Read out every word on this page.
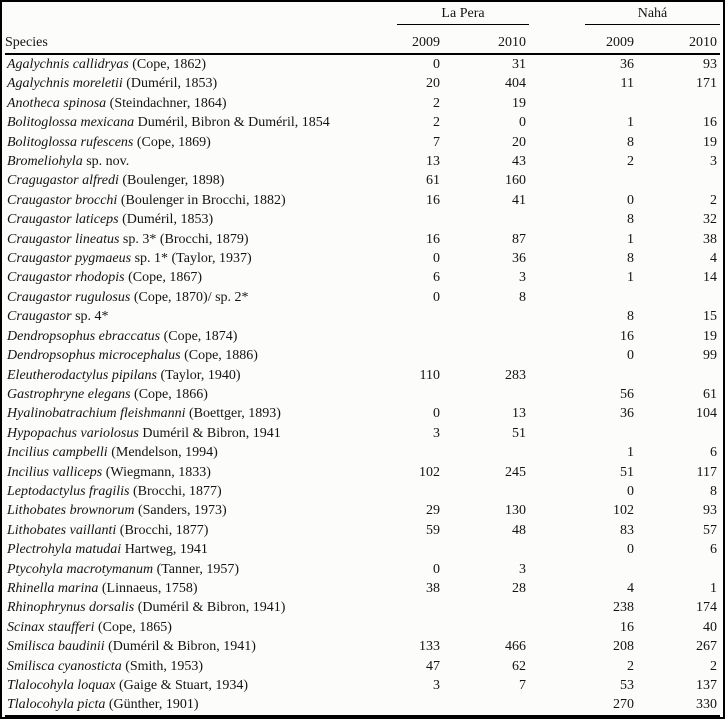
	La Pera			Nahá	
Species	2009	2010		2009	2010
Agalychnis callidryas (Cope, 1862)	0	31		36	93
Agalychnis moreletii (Duméril, 1853)	20	404		11	171
Anotheca spinosa (Steindachner, 1864)	2	19			
Bolitoglossa mexicana Duméril, Bibron & Duméril, 1854	2	0		1	16
Bolitoglossa rufescens (Cope, 1869)	7	20		8	19
Bromeliohyla sp. nov.	13	43		2	3
Cragugastor alfredi (Boulenger, 1898)	61	160			
Craugastor brocchi (Boulenger in Brocchi, 1882)	16	41		0	2
Craugastor laticeps (Duméril, 1853)				8	32
Craugastor lineatus sp. 3* (Brocchi, 1879)	16	87		1	38
Craugastor pygmaeus sp. 1* (Taylor, 1937)	0	36		8	4
Craugastor rhodopis (Cope, 1867)	6	3		1	14
Craugastor rugulosus (Cope, 1870)/ sp. 2*	0	8			
Craugastor sp. 4*				8	15
Dendropsophus ebraccatus (Cope, 1874)				16	19
Dendropsophus microcephalus (Cope, 1886)				0	99
Eleutherodactylus pipilans (Taylor, 1940)	110	283			
Gastrophryne elegans (Cope, 1866)				56	61
Hyalinobatrachium fleishmanni (Boettger, 1893)	0	13		36	104
Hypopachus variolosus Duméril & Bibron, 1941	3	51			
Incilius campbelli (Mendelson, 1994)				1	6
Incilius valliceps (Wiegmann, 1833)	102	245		51	117
Leptodactylus fragilis (Brocchi, 1877)				0	8
Lithobates brownorum (Sanders, 1973)	29	130		102	93
Lithobates vaillanti (Brocchi, 1877)	59	48		83	57
Plectrohyla matudai Hartweg, 1941				0	6
Ptycohyla macrotymanum (Tanner, 1957)	0	3			
Rhinella marina (Linnaeus, 1758)	38	28		4	1
Rhinophrynus dorsalis (Duméril & Bibron, 1941)				238	174
Scinax staufferi (Cope, 1865)				16	40
Smilisca baudinii (Duméril & Bibron, 1941)	133	466		208	267
Smilisca cyanosticta (Smith, 1953)	47	62		2	2
Tlalocohyla loquax (Gaige & Stuart, 1934)	3	7		53	137
Tlalocohyla picta (Günther, 1901)				270	330
